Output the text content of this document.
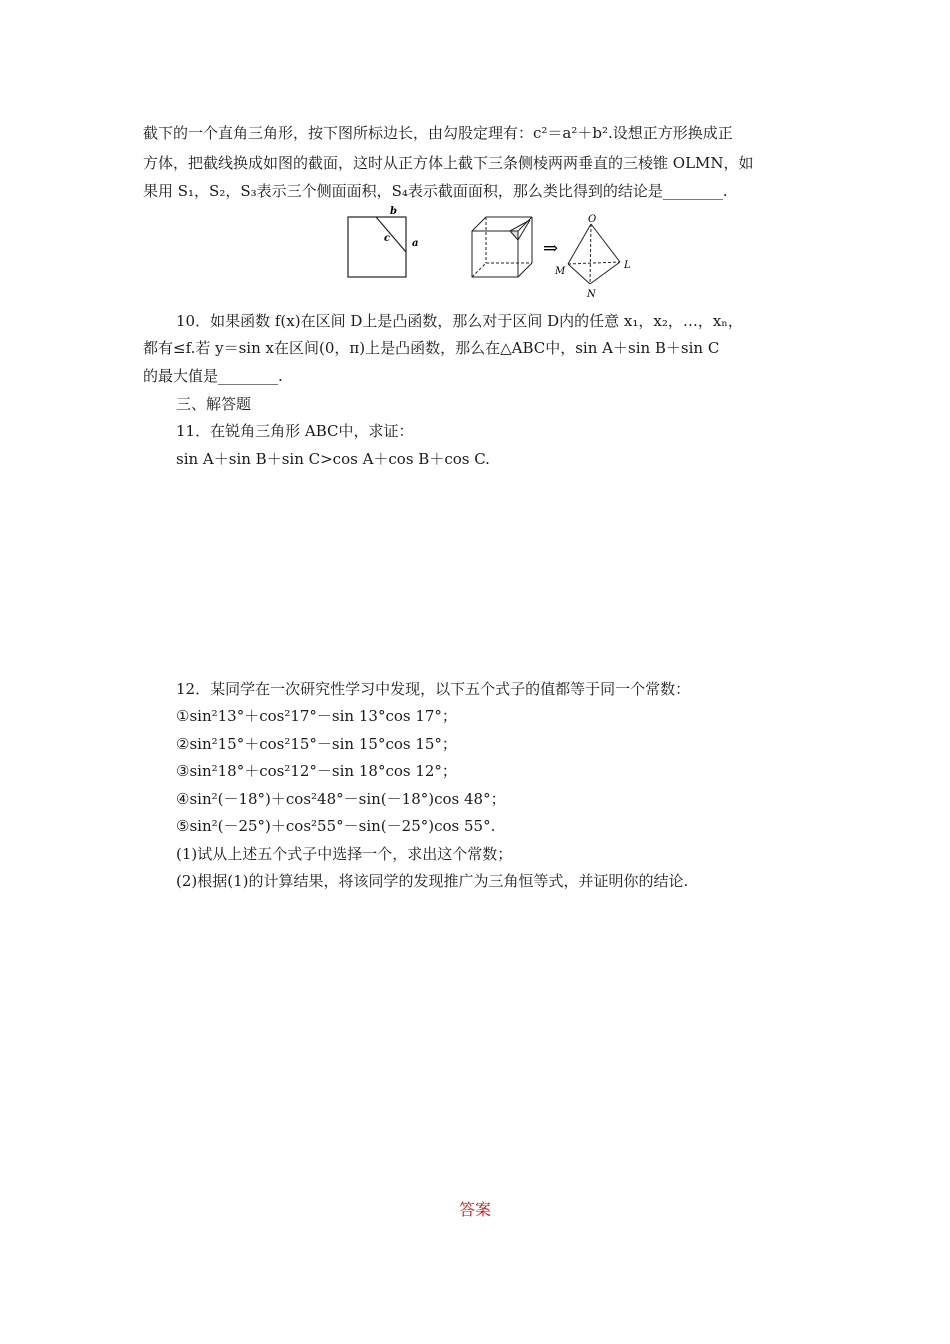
截下的一个直角三角形，按下图所标边长，由勾股定理有：c²＝a²＋b².设想正方形换成正
方体，把截线换成如图的截面，这时从正方体上截下三条侧棱两两垂直的三棱锥 OLMN，如
果用 S₁，S₂，S₃表示三个侧面面积，S₄表示截面面积，那么类比得到的结论是________.
b
c a	⇒
O
M
L
N
10．如果函数 f(x)在区间 D上是凸函数，那么对于区间 D内的任意 x₁，x₂，…，xₙ，
都有≤f.若 y＝sin x在区间(0，π)上是凸函数，那么在△ABC中，sin A＋sin B＋sin C
的最大值是________.
三、解答题
11．在锐角三角形 ABC中，求证：
sin A＋sin B＋sin C>cos A＋cos B＋cos C.
12．某同学在一次研究性学习中发现，以下五个式子的值都等于同一个常数：
①sin²13°＋cos²17°－sin 13°cos 17°；
②sin²15°＋cos²15°－sin 15°cos 15°；
③sin²18°＋cos²12°－sin 18°cos 12°；
④sin²(－18°)＋cos²48°－sin(－18°)cos 48°；
⑤sin²(－25°)＋cos²55°－sin(－25°)cos 55°.
(1)试从上述五个式子中选择一个，求出这个常数；
(2)根据(1)的计算结果，将该同学的发现推广为三角恒等式，并证明你的结论.
答案
